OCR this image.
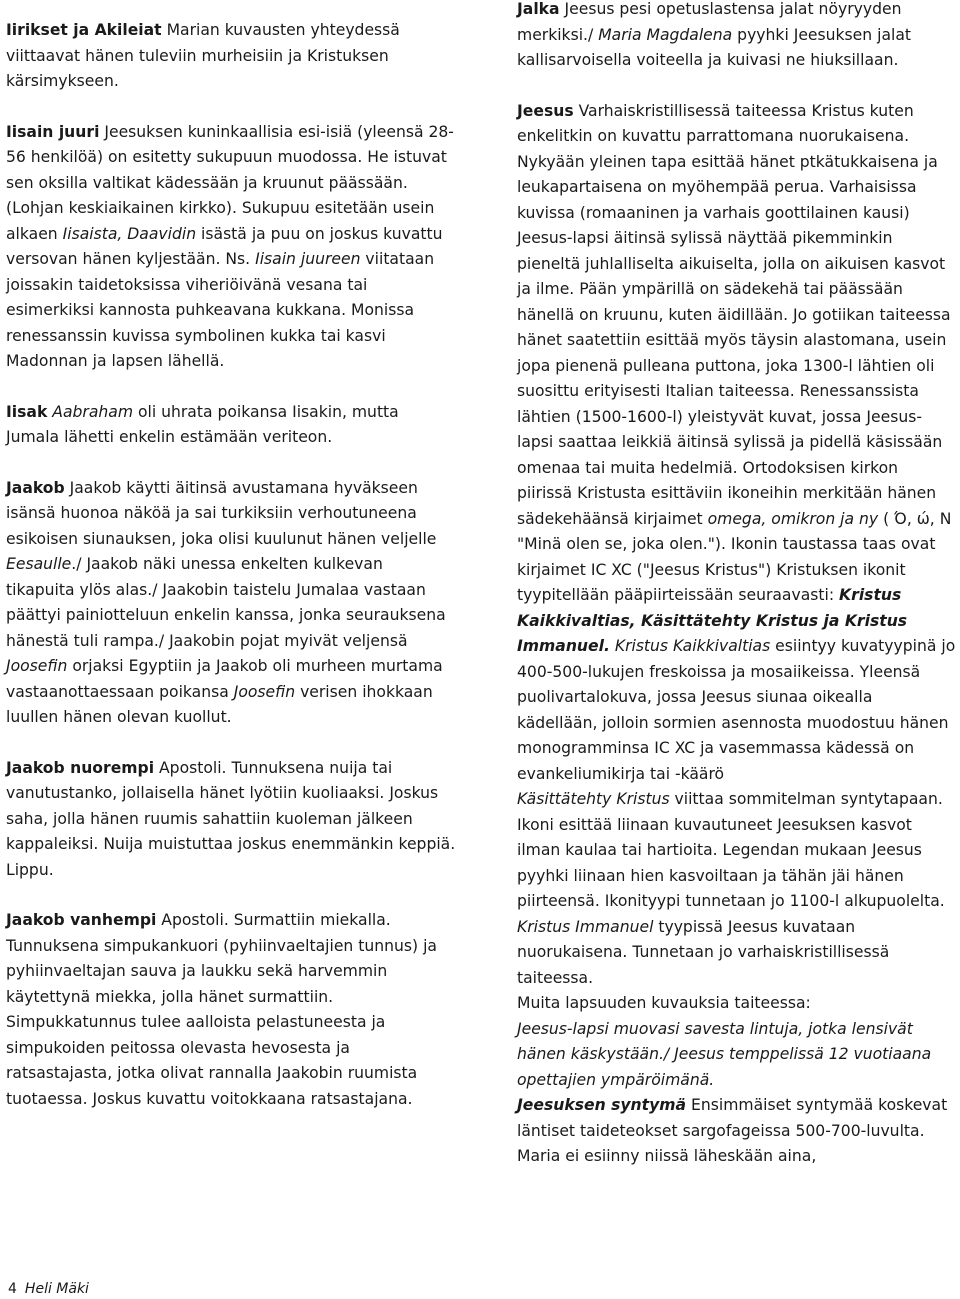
Iirikset ja Akileiat Marian kuvausten yhteydessä viittaavat hänen tuleviin murheisiin ja Kristuksen kärsimykseen.

Iisain juuri Jeesuksen kuninkaallisia esi-isiä (yleensä 28-56 henkilöä) on esitetty sukupuun muodossa. He istuvat sen oksilla valtikat kädessään ja kruunut päässään. (Lohjan keskiaikainen kirkko). Sukupuu esitetään usein alkaen Iisaista, Daavidin isästä ja puu on joskus kuvattu versovan hänen kyljestään. Ns. Iisain juureen viitataan joissakin taidetoksissa viheriöivänä vesana tai esimerkiksi kannosta puhkeavana kukkana. Monissa renessanssin kuvissa symbolinen kukka tai kasvi Madonnan ja lapsen lähellä.

Iisak Aabraham oli uhrata poikansa Iisakin, mutta Jumala lähetti enkelin estämään veriteon.

Jaakob Jaakob käytti äitinsä avustamana hyväkseen isänsä huonoa näköä ja sai turkiksiin verhoutuneena esikoisen siunauksen, joka olisi kuulunut hänen veljelle Eesaulle./ Jaakob näki unessa enkelten kulkevan tikapuita ylös alas./ Jaakobin taistelu Jumalaa vastaan päättyi painiotteluun enkelin kanssa, jonka seurauksena hänestä tuli rampa./ Jaakobin pojat myivät veljensä Joosefin orjaksi Egyptiin ja Jaakob oli murheen murtama vastaanottaessaan poikansa Joosefin verisen ihokkaan luullen hänen olevan kuollut.

Jaakob nuorempi Apostoli. Tunnuksena nuija tai vanutustanko, jollaisella hänet lyötiin kuoliaaksi. Joskus saha, jolla hänen ruumis sahattiin kuoleman jälkeen kappaleiksi. Nuija muistuttaa joskus enemmänkin keppiä. Lippu.

Jaakob vanhempi Apostoli. Surmattiin miekalla. Tunnuksena simpukankuori (pyhiinvaeltajien tunnus) ja pyhiinvaeltajan sauva ja laukku sekä harvemmin käytettynä miekka, jolla hänet surmattiin. Simpukkatunnus tulee aalloista pelastuneesta ja simpukoiden peitossa olevasta hevosesta ja ratsastajasta, jotka olivat rannalla Jaakobin ruumista tuotaessa. Joskus kuvattu voitokkaana ratsastajana.

Jalka Jeesus pesi opetuslastensa jalat nöyryyden merkiksi./ Maria Magdalena pyyhki Jeesuksen jalat kallisarvoisella voiteella ja kuivasi ne hiuksillaan.

Jeesus Varhaiskristillisessä taiteessa Kristus kuten enkelitkin on kuvattu parrattomana nuorukaisena. Nykyään yleinen tapa esittää hänet ptkätukkaisena ja leukapartaisena on myöhempää perua. Varhaisissa kuvissa (romaaninen ja varhais goottilainen kausi) Jeesus-lapsi äitinsä sylissä näyttää pikemminkin pieneltä juhlalliselta aikuiselta, jolla on aikuisen kasvot ja ilme. Pään ympärillä on sädekehä tai päässään hänellä on kruunu, kuten äidillään. Jo gotiikan taiteessa hänet saatettiin esittää myös täysin alastomana, usein jopa pienenä pulleana puttona, joka 1300-l lähtien oli suosittu erityisesti Italian taiteessa. Renessanssista lähtien (1500-1600-l) yleistyvät kuvat, jossa Jeesus-lapsi saattaa leikkiä äitinsä sylissä ja pidellä käsissään omenaa tai muita hedelmiä. Ortodoksisen kirkon piirissä Kristusta esittäviin ikoneihin merkitään hänen sädekehäänsä kirjaimet omega, omikron ja ny ( Ό, ώ, Ν "Minä olen se, joka olen."). Ikonin taustassa taas ovat kirjaimet IC XC ("Jeesus Kristus") Kristuksen ikonit tyypitellään pääpiirteissään seuraavasti: Kristus Kaikkivaltias, Käsittätehty Kristus ja Kristus Immanuel. Kristus Kaikkivaltias esiintyy kuvatyypinä jo 400-500-lukujen freskoissa ja mosaiikeissa. Yleensä puolivartalokuva, jossa Jeesus siunaa oikealla kädellään, jolloin sormien asennosta muodostuu hänen monogramminsa IC XC ja vasemmassa kädessä on evankeliumikirja tai -käärö

Käsittätehty Kristus viittaa sommitelman syntytapaan. Ikoni esittää liinaan kuvautuneet Jeesuksen kasvot ilman kaulaa tai hartioita. Legendan mukaan Jeesus pyyhki liinaan hien kasvoiltaan ja tähän jäi hänen piirteensä. Ikonityypi tunnetaan jo 1100-l alkupuolelta.

Kristus Immanuel tyypissä Jeesus kuvataan nuorukaisena. Tunnetaan jo varhaiskristillisessä taiteessa.

Muita lapsuuden kuvauksia taiteessa:

Jeesus-lapsi muovasi savesta lintuja, jotka lensivät hänen käskystään./ Jeesus temppelissä 12 vuotiaana opettajien ympäröimänä.

Jeesuksen syntymä Ensimmäiset syntymää koskevat läntiset taideteokset sargofageissa 500-700-luvulta. Maria ei esiinny niissä läheskään aina,

4 Heli Mäki
